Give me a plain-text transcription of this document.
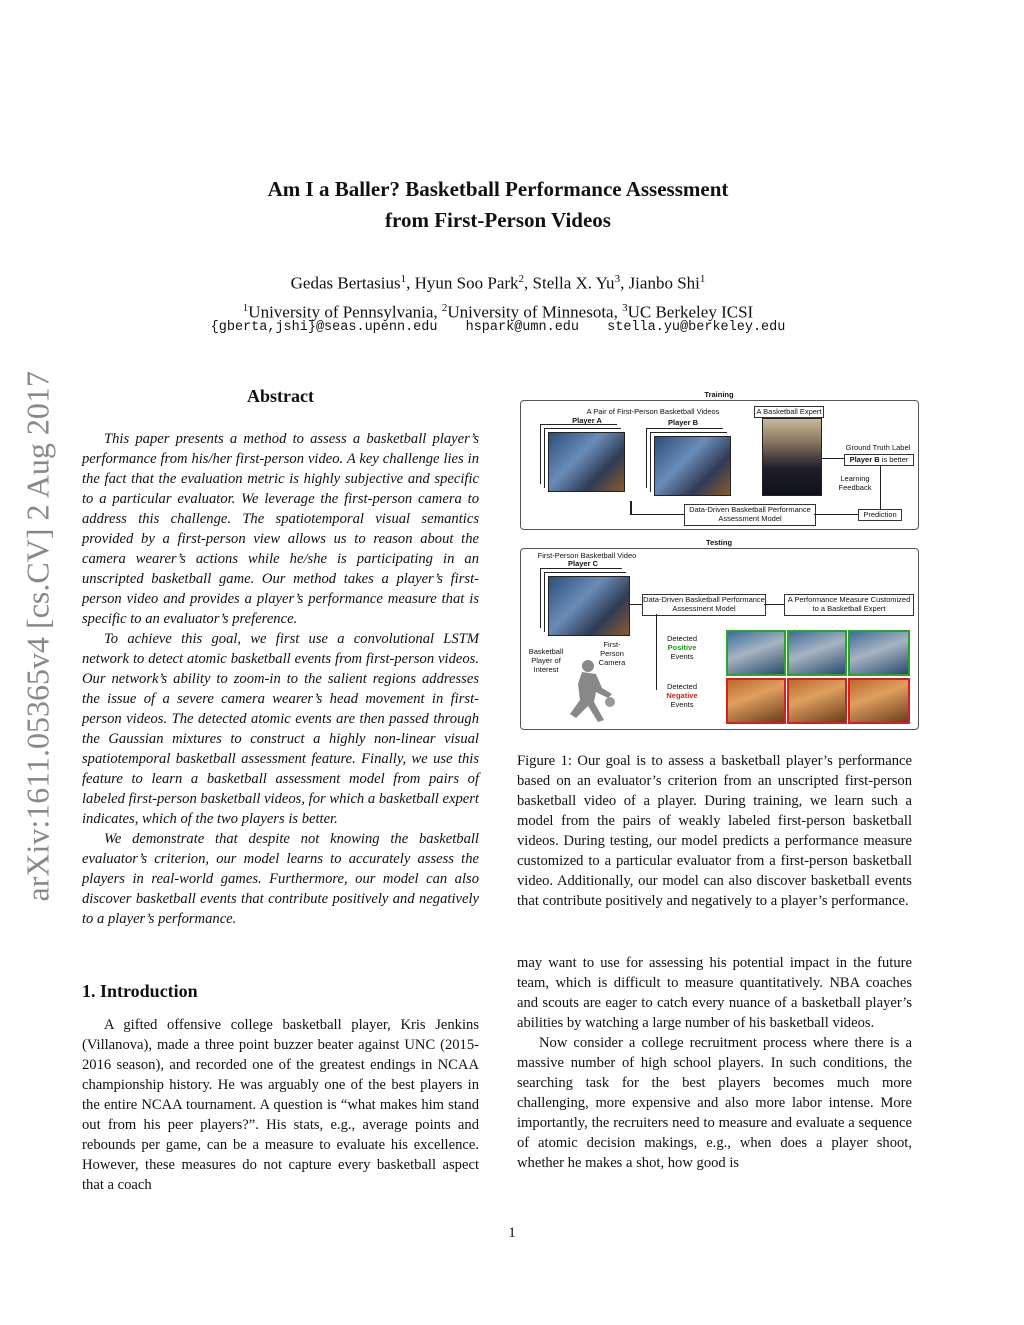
arXiv:1611.05365v4 [cs.CV] 2 Aug 2017
Am I a Baller? Basketball Performance Assessment
from First-Person Videos
Gedas Bertasius$^1$, Hyun Soo Park$^2$, Stella X. Yu$^3$, Jianbo Shi$^1$
$^1$University of Pennsylvania, $^2$University of Minnesota, $^3$UC Berkeley ICSI
{gberta,jshi}@seas.upenn.edu hspark@umn.edu stella.yu@berkeley.edu
Abstract

This paper presents a method to assess a basketball player’s performance from his/her first-person video. A key challenge lies in the fact that the evaluation metric is highly subjective and specific to a particular evaluator. We leverage the first-person camera to address this challenge. The spatiotemporal visual semantics provided by a first-person view allows us to reason about the camera wearer’s actions while he/she is participating in an unscripted basketball game. Our method takes a player’s first-person video and provides a player’s performance measure that is specific to an evaluator’s preference.

To achieve this goal, we first use a convolutional LSTM network to detect atomic basketball events from first-person videos. Our network’s ability to zoom-in to the salient regions addresses the issue of a severe camera wearer’s head movement in first-person videos. The detected atomic events are then passed through the Gaussian mixtures to construct a highly non-linear visual spatiotemporal basketball assessment feature. Finally, we use this feature to learn a basketball assessment model from pairs of labeled first-person basketball videos, for which a basketball expert indicates, which of the two players is better.

We demonstrate that despite not knowing the basketball evaluator’s criterion, our model learns to accurately assess the players in real-world games. Furthermore, our model can also discover basketball events that contribute positively and negatively to a player’s performance.

1. Introduction

A gifted offensive college basketball player, Kris Jenkins (Villanova), made a three point buzzer beater against UNC (2015-2016 season), and recorded one of the greatest endings in NCAA championship history. He was arguably one of the best players in the entire NCAA tournament. A question is “what makes him stand out from his peer players?”. His stats, e.g., average points and rebounds per game, can be a measure to evaluate his excellence. However, these measures do not capture every basketball aspect that a coach

Training
A Pair of First-Person Basketball Videos
Player A	Player B
A Basketball Expert
Ground Truth Label
Player B is better
Learning Feedback
Data-Driven Basketball Performance Assessment Model	Prediction
Testing
First-Person Basketball Video
Player C
Data-Driven Basketball Performance Assessment Model
A Performance Measure Customized to a Basketball Expert
Basketball Player of Interest
First-Person Camera
Detected Positive
Events
Detected Negative
Events

Figure 1: Our goal is to assess a basketball player’s performance based on an evaluator’s criterion from an unscripted first-person basketball video of a player. During training, we learn such a model from the pairs of weakly labeled first-person basketball videos. During testing, our model predicts a performance measure customized to a particular evaluator from a first-person basketball video. Additionally, our model can also discover basketball events that contribute positively and negatively to a player’s performance.

may want to use for assessing his potential impact in the future team, which is difficult to measure quantitatively. NBA coaches and scouts are eager to catch every nuance of a basketball player’s abilities by watching a large number of his basketball videos.

Now consider a college recruitment process where there is a massive number of high school players. In such conditions, the searching task for the best players becomes much more challenging, more expensive and also more labor intense. More importantly, the recruiters need to measure and evaluate a sequence of atomic decision makings, e.g., when does a player shoot, whether he makes a shot, how good is

1
